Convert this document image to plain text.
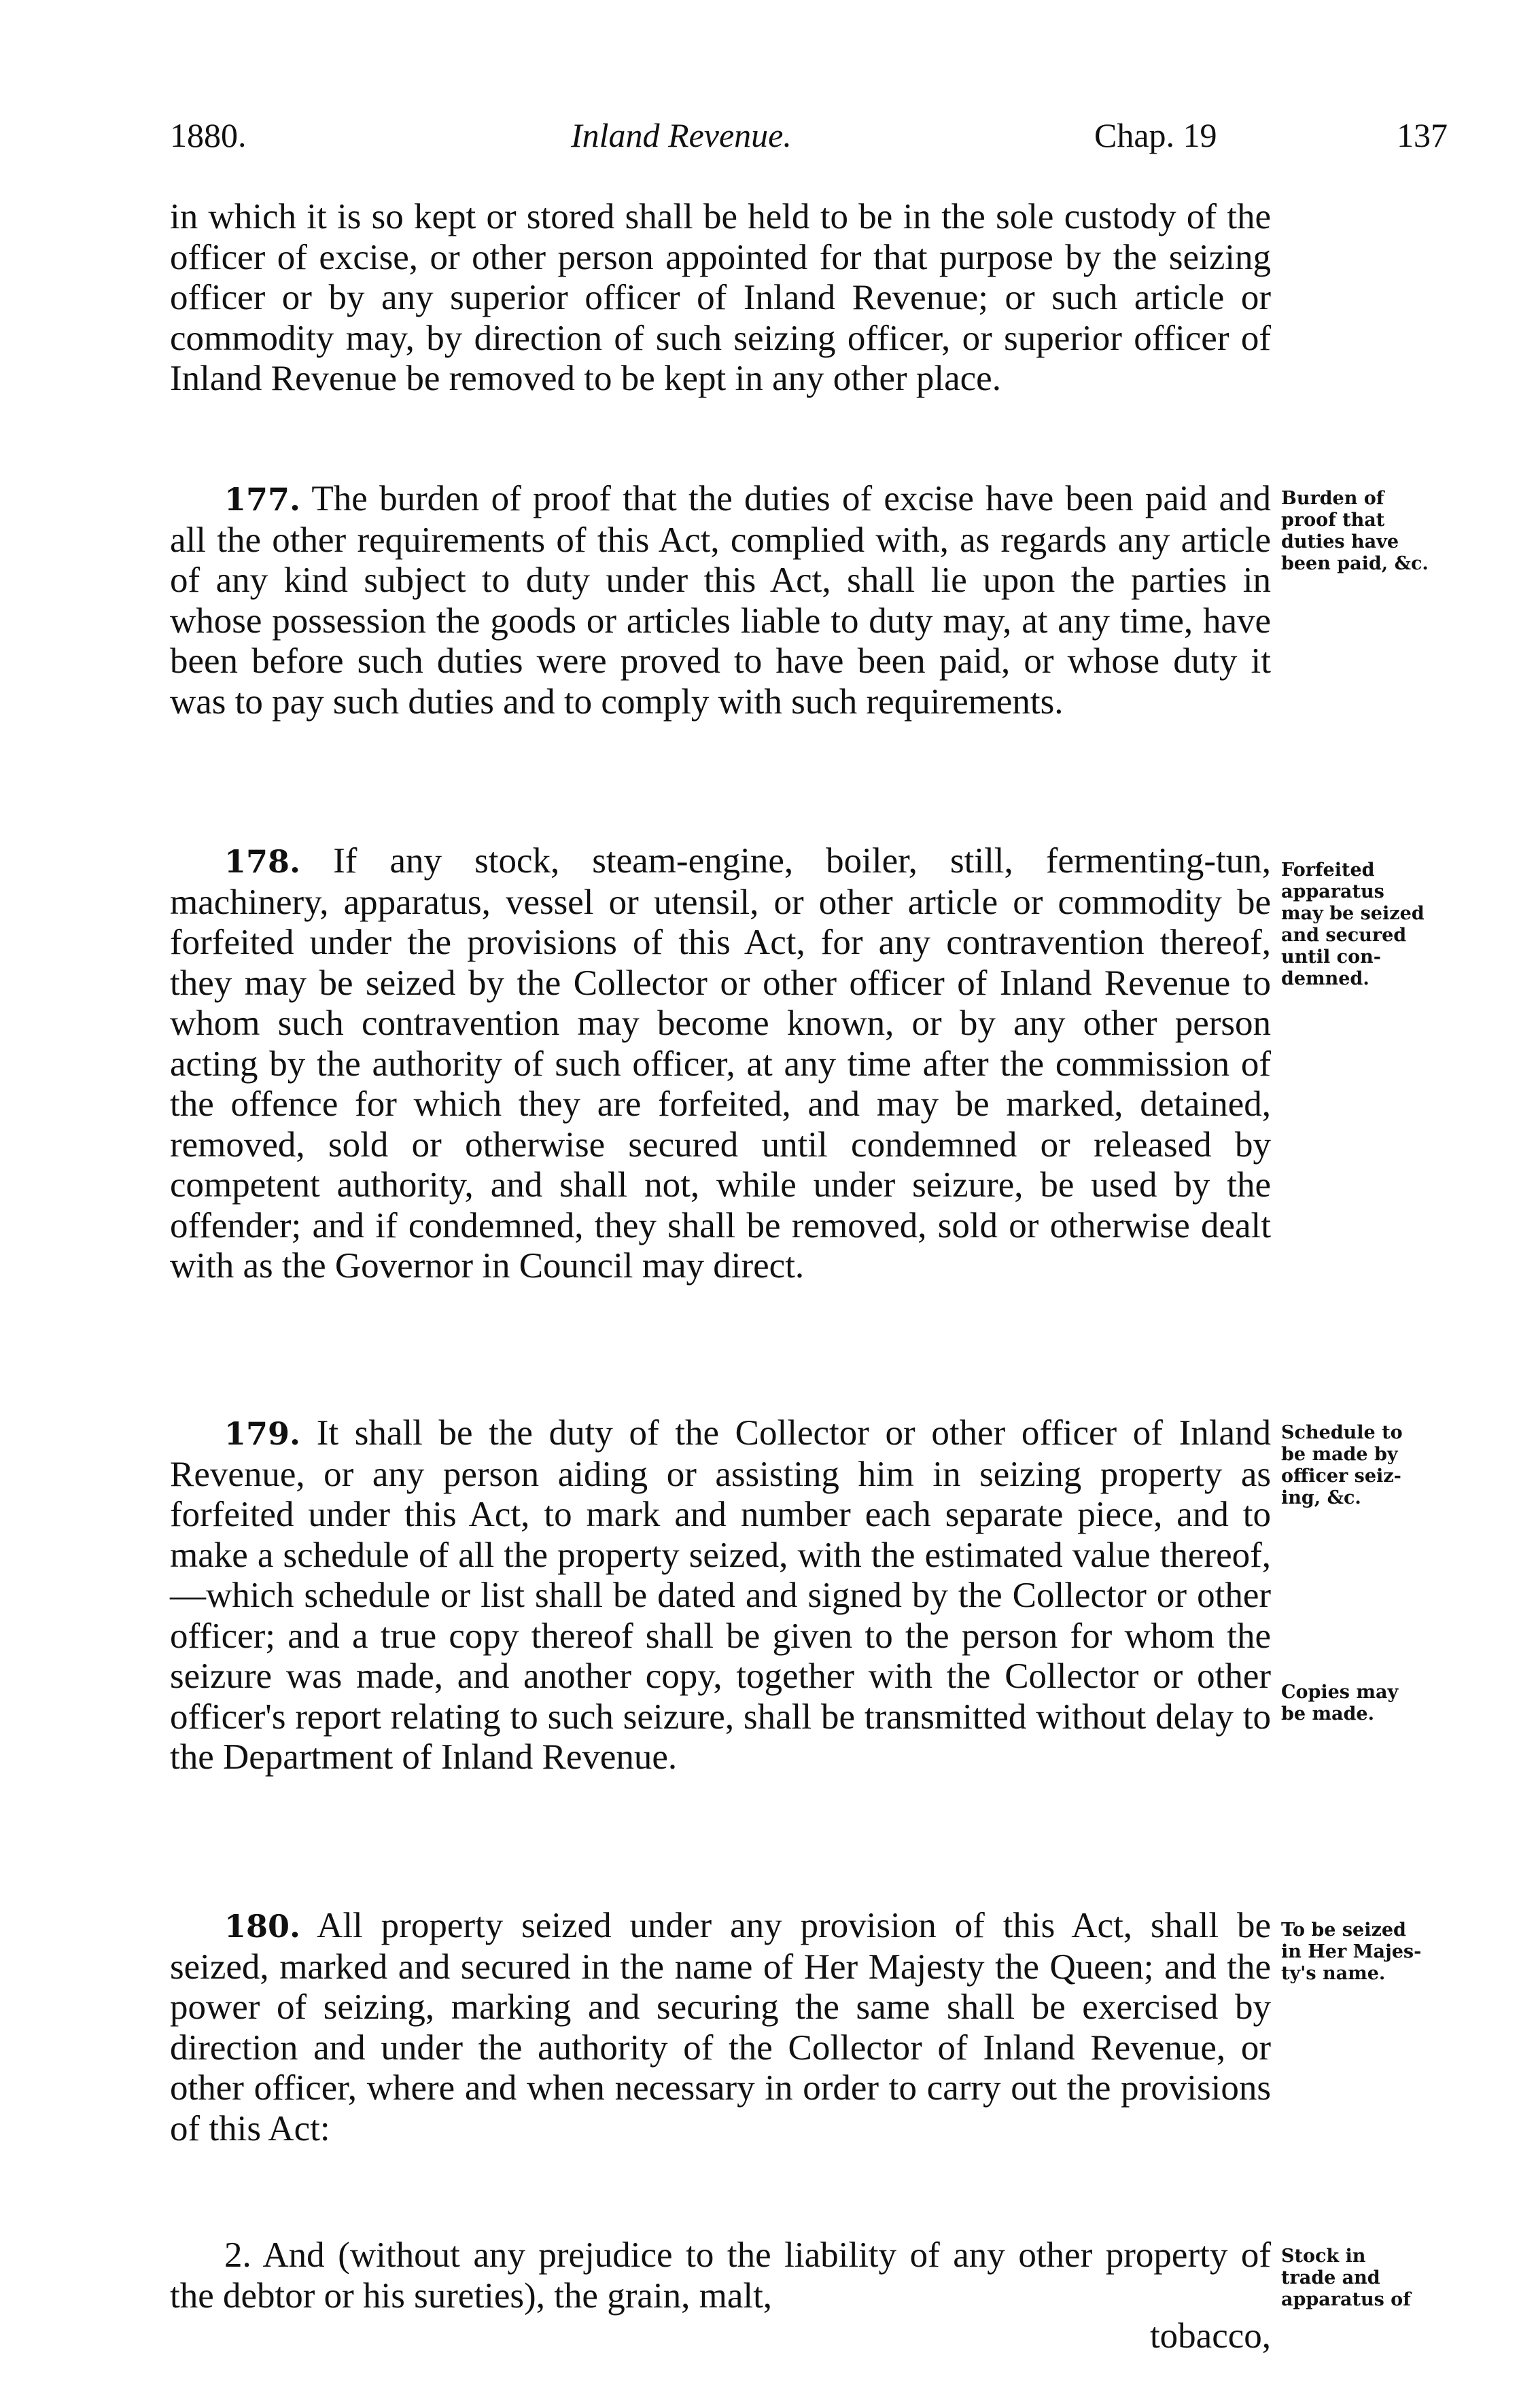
1880.	Inland Revenue.	Chap. 19	137

in which it is so kept or stored shall be held to be in the sole custody of the officer of excise, or other person appointed for that purpose by the seizing officer or by any superior officer of Inland Revenue; or such article or commodity may, by direction of such seizing officer, or superior officer of Inland Revenue be removed to be kept in any other place.

177. The burden of proof that the duties of excise have been paid and all the other requirements of this Act, complied with, as regards any article of any kind subject to duty under this Act, shall lie upon the parties in whose possession the goods or articles liable to duty may, at any time, have been before such duties were proved to have been paid, or whose duty it was to pay such duties and to comply with such requirements.

Burden of
proof that
duties have
been paid, &c.

178. If any stock, steam-engine, boiler, still, fermenting-tun, machinery, apparatus, vessel or utensil, or other article or commodity be forfeited under the provisions of this Act, for any contravention thereof, they may be seized by the Collector or other officer of Inland Revenue to whom such contravention may become known, or by any other person acting by the authority of such officer, at any time after the commission of the offence for which they are forfeited, and may be marked, detained, removed, sold or otherwise secured until condemned or released by competent authority, and shall not, while under seizure, be used by the offender; and if condemned, they shall be removed, sold or otherwise dealt with as the Governor in Council may direct.

Forfeited
apparatus
may be seized
and secured
until con-
demned.

179. It shall be the duty of the Collector or other officer of Inland Revenue, or any person aiding or assisting him in seizing property as forfeited under this Act, to mark and number each separate piece, and to make a schedule of all the property seized, with the estimated value thereof,—which schedule or list shall be dated and signed by the Collector or other officer; and a true copy thereof shall be given to the person for whom the seizure was made, and another copy, together with the Collector or other officer's report relating to such seizure, shall be transmitted without delay to the Department of Inland Revenue.

Schedule to
be made by
officer seiz-
ing, &c.
Copies may
be made.

180. All property seized under any provision of this Act, shall be seized, marked and secured in the name of Her Majesty the Queen; and the power of seizing, marking and securing the same shall be exercised by direction and under the authority of the Collector of Inland Revenue, or other officer, where and when necessary in order to carry out the provisions of this Act:

To be seized
in Her Majes-
ty's name.

2. And (without any prejudice to the liability of any other property of the debtor or his sureties), the grain, malt,

tobacco,

Stock in
trade and
apparatus of
